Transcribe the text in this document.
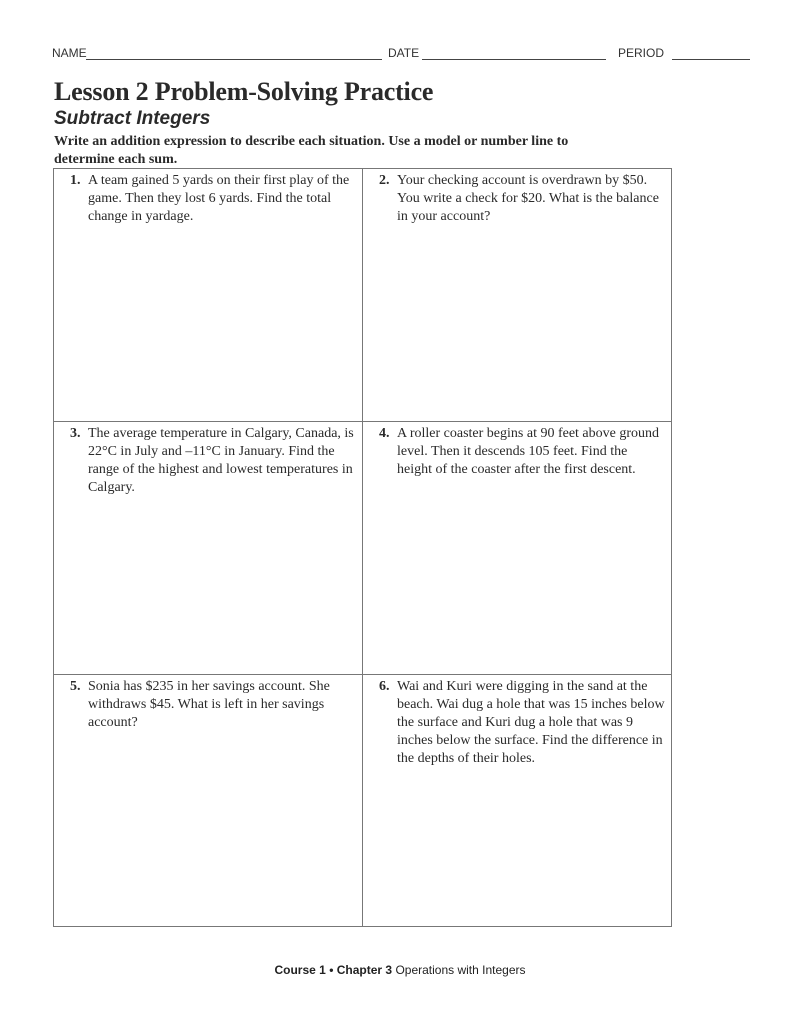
NAME	DATE	PERIOD
Lesson 2 Problem-Solving Practice
Subtract Integers

Write an addition expression to describe each situation. Use a model or number line to determine each sum.

1. A team gained 5 yards on their first play of the game. Then they lost 6 yards. Find the total change in yardage.
2. Your checking account is overdrawn by $50. You write a check for $20. What is the balance in your account?
3. The average temperature in Calgary, Canada, is 22°C in July and –11°C in January. Find the range of the highest and lowest temperatures in Calgary.
4. A roller coaster begins at 90 feet above ground level. Then it descends 105 feet. Find the height of the coaster after the first descent.
5. Sonia has $235 in her savings account. She withdraws $45. What is left in her savings account?
6. Wai and Kuri were digging in the sand at the beach. Wai dug a hole that was 15 inches below the surface and Kuri dug a hole that was 9 inches below the surface. Find the difference in the depths of their holes.
Course 1 • Chapter 3 Operations with Integers
